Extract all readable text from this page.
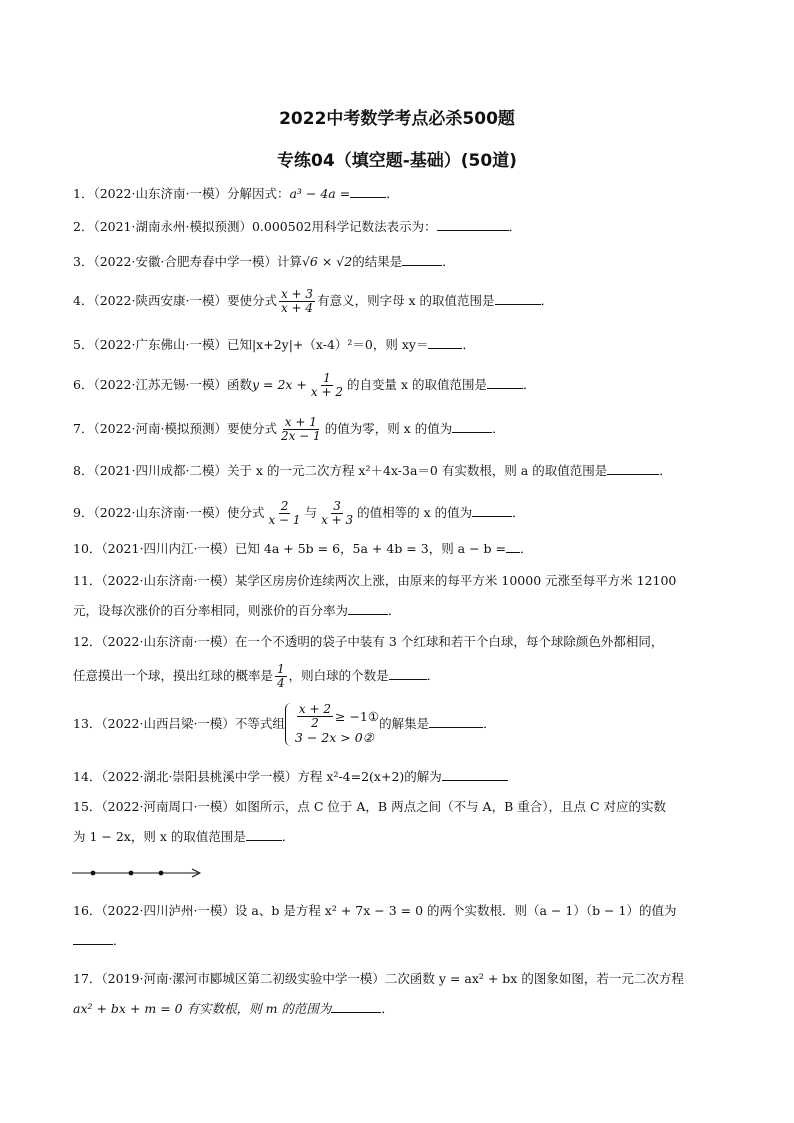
2022中考数学考点必杀500题
专练04（填空题-基础）(50道)
1．（2022·山东济南·一模）分解因式：a³ − 4a =	．
2．（2021·湖南永州·模拟预测）0.000502用科学记数法表示为：	．
3．（2022·安徽·合肥寿春中学一模）计算√6 × √2的结果是	．
4．（2022·陕西安康·一模）要使分式 $\frac{x + 3}{x + 4}$ 有意义，则字母 x 的取值范围是	．
5．（2022·广东佛山·一模）已知|x+2y|+（x-4）²＝0，则 xy＝	．
6．（2022·江苏无锡·一模）函数$y = 2x + \frac{1}{x + 2}$ 的自变量 x 的取值范围是	．
7．（2022·河南·模拟预测）要使分式 $\frac{x + 1}{2x - 1}$ 的值为零，则 x 的值为	．
8．（2021·四川成都·二模）关于 x 的一元二次方程 x²＋4x-3a＝0 有实数根，则 a 的取值范围是	．
9．（2022·山东济南·一模）使分式 $\frac{2}{x - 1}$ 与 $\frac{3}{x + 3}$ 的值相等的 x 的值为	．
10．（2021·四川内江·一模）已知 4a + 5b = 6，5a + 4b = 3，则 a − b = ．
11．（2022·山东济南·一模）某学区房房价连续两次上涨，由原来的每平方米 10000 元涨至每平方米 12100
元，设每次涨价的百分率相同，则涨价的百分率为	．
12．（2022·山东济南·一模）在一个不透明的袋子中装有 3 个红球和若干个白球，每个球除颜色外都相同，
任意摸出一个球，摸出红球的概率是 $\frac{1}{4}$ ，则白球的个数是	．
13．（2022·山西吕梁·一模）不等式组 $\frac{x + 2}{2}$ ≥ −1①
3 − 2x > 0②
的解集是	．
14．（2022·湖北·崇阳县桃溪中学一模）方程 x²-4=2(x+2)的解为
15．（2022·河南周口·一模）如图所示，点 C 位于 A，B 两点之间（不与 A，B 重合），且点 C 对应的实数
为 1 − 2x，则 x 的取值范围是	．
16．（2022·四川泸州·一模）设 a、b 是方程 x² + 7x − 3 = 0 的两个实数根．则（a − 1）（b − 1）的值为
．
17．（2019·河南·漯河市郾城区第二初级实验中学一模）二次函数 y = ax² + bx 的图象如图，若一元二次方程
ax² + bx + m = 0 有实数根，则 m 的范围为	．
